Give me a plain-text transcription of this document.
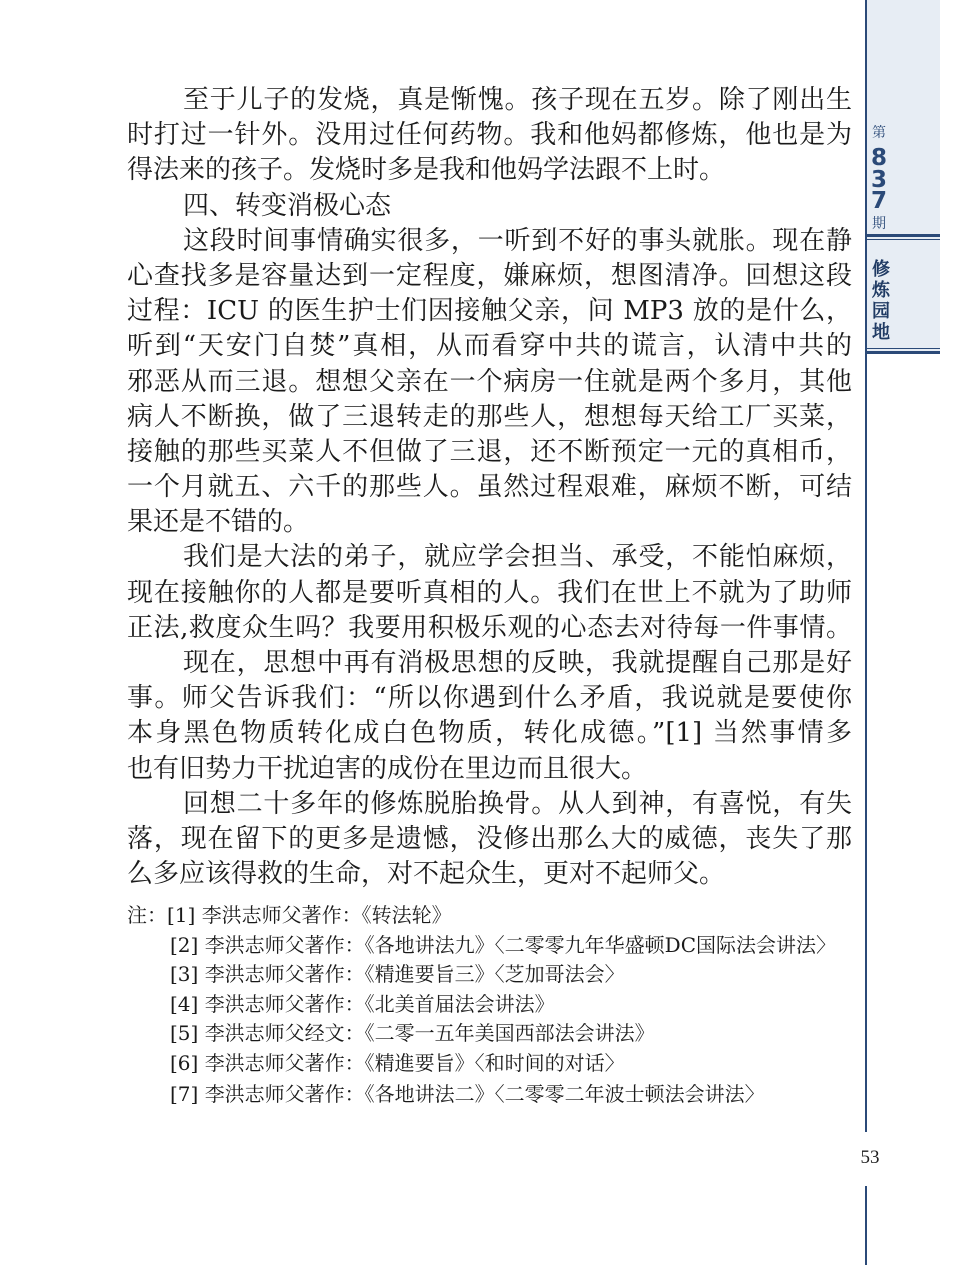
第
8
3
7
期
修
炼
园
地
至于儿子的发烧，真是惭愧。孩子现在五岁。除了刚出生
时打过一针外。没用过任何药物。我和他妈都修炼，他也是为
得法来的孩子。发烧时多是我和他妈学法跟不上时。
四、转变消极心态
这段时间事情确实很多，一听到不好的事头就胀。现在静
心查找多是容量达到一定程度，嫌麻烦，想图清净。回想这段
过程：ICU 的医生护士们因接触父亲，问 MP3 放的是什么，
听到“天安门自焚”真相，从而看穿中共的谎言，认清中共的
邪恶从而三退。想想父亲在一个病房一住就是两个多月，其他
病人不断换，做了三退转走的那些人，想想每天给工厂买菜，
接触的那些买菜人不但做了三退，还不断预定一元的真相币，
一个月就五、六千的那些人。虽然过程艰难，麻烦不断，可结
果还是不错的。
我们是大法的弟子，就应学会担当、承受，不能怕麻烦，
现在接触你的人都是要听真相的人。我们在世上不就为了助师
正法,救度众生吗？我要用积极乐观的心态去对待每一件事情。
现在，思想中再有消极思想的反映，我就提醒自己那是好
事。师父告诉我们：“所以你遇到什么矛盾，我说就是要使你
本身黑色物质转化成白色物质，转化成德。”[1] 当然事情多
也有旧势力干扰迫害的成份在里边而且很大。
回想二十多年的修炼脱胎换骨。从人到神，有喜悦，有失
落，现在留下的更多是遗憾，没修出那么大的威德，丧失了那
么多应该得救的生命，对不起众生，更对不起师父。
注：[1] 李洪志师父著作：《转法轮》
[2] 李洪志师父著作：《各地讲法九》〈二零零九年华盛顿DC国际法会讲法〉
[3] 李洪志师父著作：《精進要旨三》〈芝加哥法会〉
[4] 李洪志师父著作：《北美首届法会讲法》
[5] 李洪志师父经文：《二零一五年美国西部法会讲法》
[6] 李洪志师父著作：《精進要旨》〈和时间的对话〉
[7] 李洪志师父著作：《各地讲法二》〈二零零二年波士顿法会讲法〉
53
